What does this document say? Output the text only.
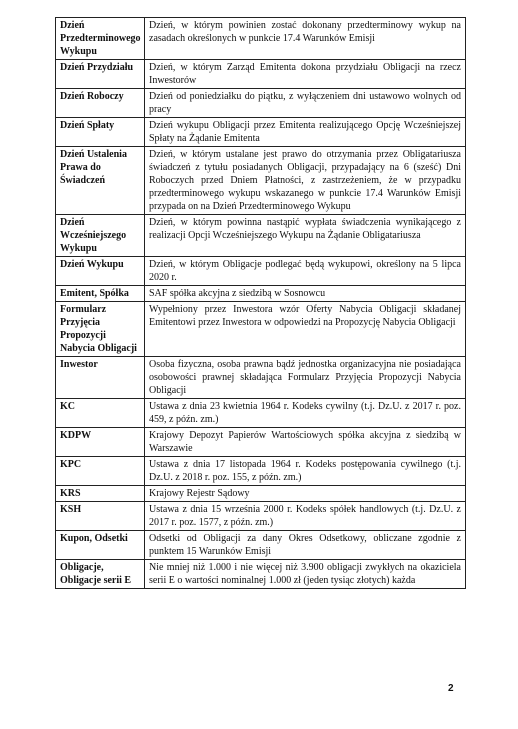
Dzień Przedterminowego Wykupu	Dzień, w którym powinien zostać dokonany przedterminowy wykup na zasadach określonych w punkcie 17.4 Warunków Emisji
Dzień Przydziału	Dzień, w którym Zarząd Emitenta dokona przydziału Obligacji na rzecz Inwestorów
Dzień Roboczy	Dzień od poniedziałku do piątku, z wyłączeniem dni ustawowo wolnych od pracy
Dzień Spłaty	Dzień wykupu Obligacji przez Emitenta realizującego Opcję Wcześniejszej Spłaty na Żądanie Emitenta
Dzień Ustalenia Prawa do Świadczeń	Dzień, w którym ustalane jest prawo do otrzymania przez Obligatariusza świadczeń z tytułu posiadanych Obligacji, przypadający na 6 (sześć) Dni Roboczych przed Dniem Płatności, z zastrzeżeniem, że w przypadku przedterminowego wykupu wskazanego w punkcie 17.4 Warunków Emisji przypada on na Dzień Przedterminowego Wykupu
Dzień Wcześniejszego Wykupu	Dzień, w którym powinna nastąpić wypłata świadczenia wynikającego z realizacji Opcji Wcześniejszego Wykupu na Żądanie Obligatariusza
Dzień Wykupu	Dzień, w którym Obligacje podlegać będą wykupowi, określony na 5 lipca 2020 r.
Emitent, Spółka	SAF spółka akcyjna z siedzibą w Sosnowcu
Formularz Przyjęcia Propozycji Nabycia Obligacji	Wypełniony przez Inwestora wzór Oferty Nabycia Obligacji składanej Emitentowi przez Inwestora w odpowiedzi na Propozycję Nabycia Obligacji
Inwestor	Osoba fizyczna, osoba prawna bądź jednostka organizacyjna nie posiadająca osobowości prawnej składająca Formularz Przyjęcia Propozycji Nabycia Obligacji
KC	Ustawa z dnia 23 kwietnia 1964 r. Kodeks cywilny (t.j. Dz.U. z 2017 r. poz. 459, z późn. zm.)
KDPW	Krajowy Depozyt Papierów Wartościowych spółka akcyjna z siedzibą w Warszawie
KPC	Ustawa z dnia 17 listopada 1964 r. Kodeks postępowania cywilnego (t.j. Dz.U. z 2018 r. poz. 155, z późn. zm.)
KRS	Krajowy Rejestr Sądowy
KSH	Ustawa z dnia 15 września 2000 r. Kodeks spółek handlowych (t.j. Dz.U. z 2017 r. poz. 1577, z późn. zm.)
Kupon, Odsetki	Odsetki od Obligacji za dany Okres Odsetkowy, obliczane zgodnie z punktem 15 Warunków Emisji
Obligacje, Obligacje serii E	Nie mniej niż 1.000 i nie więcej niż 3.900 obligacji zwykłych na okaziciela serii E o wartości nominalnej 1.000 zł (jeden tysiąc złotych) każda
2
